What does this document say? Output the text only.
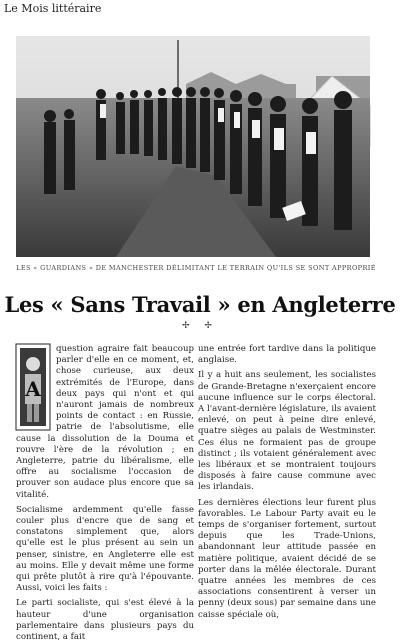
Le Mois littéraire
LES « GUARDIANS » DE MANCHESTER DÉLIMITANT LE TERRAIN QU'ILS SE SONT APPROPRIÉ
Les « Sans Travail » en Angleterre
✢ ✢
A

question agraire fait beaucoup parler d'elle en ce moment, et, chose curieuse, aux deux extrémités de l'Europe, dans deux pays qui n'ont et qui n'auront jamais de nombreux points de contact : en Russie, patrie de l'absolutisme, elle cause la dissolution de la Douma et rouvre l'ère de la révolution ; en Angleterre, patrie du libéralisme, elle offre au socialisme l'occasion de prouver son audace plus encore que sa vitalité.

Socialisme ardemment qu'elle fasse couler plus d'encre que de sang et constatons simplement que, alors qu'elle est le plus présent au sein un penser, sinistre, en Angleterre elle est au moins. Elle y devait même une forme qui prête plutôt à rire qu'à l'épouvante. Aussi, voici les faits :

Le parti socialiste, qui s'est élevé à la hauteur d'une organisation parlementaire dans plusieurs pays du continent, a fait

une entrée fort tardive dans la politique anglaise.

Il y a huit ans seulement, les socialistes de Grande-Bretagne n'exerçaient encore aucune influence sur le corps électoral. A l'avant-dernière législature, ils avaient enlevé, on peut à peine dire enlevé, quatre sièges au palais de Westminster. Ces élus ne formaient pas de groupe distinct ; ils votaient généralement avec les libéraux et se montraient toujours disposés à faire cause commune avec les irlandais.

Les dernières élections leur furent plus favorables. Le Labour Party avait eu le temps de s'organiser fortement, surtout depuis que les Trade-Unions, abandonnant leur attitude passée en matière politique, avaient décidé de se porter dans la mêlée électorale. Durant quatre années les membres de ces associations consentirent à verser un penny (deux sous) par semaine dans une caisse spéciale où,
